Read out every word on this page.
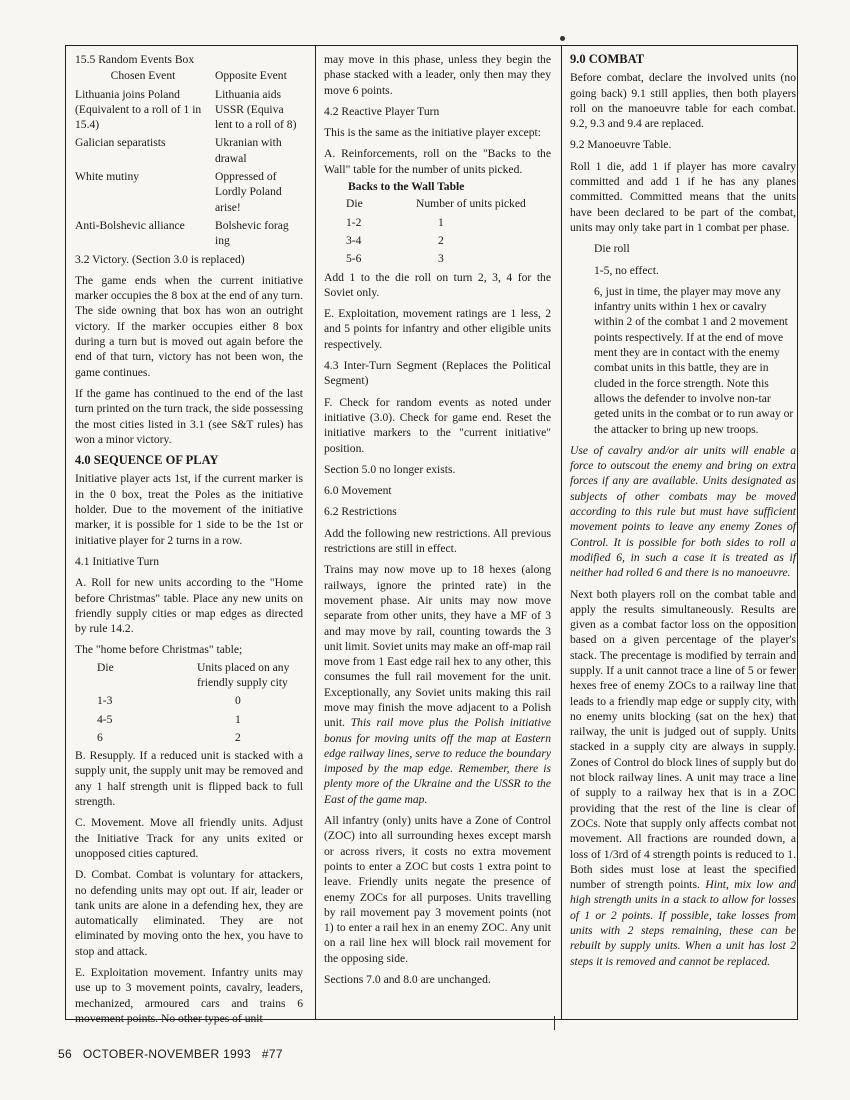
15.5 Random Events Box

Chosen Event	Opposite Event
Lithuania joins Poland (Equivalent to a roll of 1 in 15.4)	Lithuania aids USSR (Equiva lent to a roll of 8)
Galician separatists	Ukranian with drawal
White mutiny	Oppressed of Lordly Poland arise!
Anti-Bolshevic alliance	Bolshevic forag ing

3.2 Victory. (Section 3.0 is replaced)

The game ends when the current initiative marker occupies the 8 box at the end of any turn. The side owning that box has won an outright victory. If the marker occupies either 8 box during a turn but is moved out again before the end of that turn, victory has not been won, the game continues.

If the game has continued to the end of the last turn printed on the turn track, the side possessing the most cities listed in 3.1 (see S&T rules) has won a minor victory.

4.0 SEQUENCE OF PLAY

Initiative player acts 1st, if the current marker is in the 0 box, treat the Poles as the initiative holder. Due to the movement of the initiative marker, it is possible for 1 side to be the 1st or initiative player for 2 turns in a row.

4.1 Initiative Turn

A. Roll for new units according to the "Home before Christmas" table. Place any new units on friendly supply cities or map edges as directed by rule 14.2.

The "home before Christmas" table;

Die	Units placed on any friendly supply city
1-3	0
4-5	1
6	2

B. Resupply. If a reduced unit is stacked with a supply unit, the supply unit may be removed and any 1 half strength unit is flipped back to full strength.

C. Movement. Move all friendly units. Adjust the Initiative Track for any units exited or unopposed cities captured.

D. Combat. Combat is voluntary for attackers, no defending units may opt out. If air, leader or tank units are alone in a defending hex, they are automatically eliminated. They are not eliminated by moving onto the hex, you have to stop and attack.

E. Exploitation movement. Infantry units may use up to 3 movement points, cavalry, leaders, mechanized, armoured cars and trains 6 movement points. No other types of unit

may move in this phase, unless they begin the phase stacked with a leader, only then may they move 6 points.

4.2 Reactive Player Turn

This is the same as the initiative player except:

A. Reinforcements, roll on the "Backs to the Wall" table for the number of units picked.

Backs to the Wall Table

Die	Number of units picked
1-2	1
3-4	2
5-6	3

Add 1 to the die roll on turn 2, 3, 4 for the Soviet only.

E. Exploitation, movement ratings are 1 less, 2 and 5 points for infantry and other eligible units respectively.

4.3 Inter-Turn Segment (Replaces the Political Segment)

F. Check for random events as noted under initiative (3.0). Check for game end. Reset the initiative markers to the "current initiative" position.

Section 5.0 no longer exists.

6.0 Movement

6.2 Restrictions

Add the following new restrictions. All previous restrictions are still in effect.

Trains may now move up to 18 hexes (along railways, ignore the printed rate) in the movement phase. Air units may now move separate from other units, they have a MF of 3 and may move by rail, counting towards the 3 unit limit. Soviet units may make an off-map rail move from 1 East edge rail hex to any other, this consumes the full rail movement for the unit. Exceptionally, any Soviet units making this rail move may finish the move adjacent to a Polish unit. This rail move plus the Polish initiative bonus for moving units off the map at Eastern edge railway lines, serve to reduce the boundary imposed by the map edge. Remember, there is plenty more of the Ukraine and the USSR to the East of the game map.

All infantry (only) units have a Zone of Control (ZOC) into all surrounding hexes except marsh or across rivers, it costs no extra movement points to enter a ZOC but costs 1 extra point to leave. Friendly units negate the presence of enemy ZOCs for all purposes. Units travelling by rail movement pay 3 movement points (not 1) to enter a rail hex in an enemy ZOC. Any unit on a rail line hex will block rail movement for the opposing side.

Sections 7.0 and 8.0 are unchanged.

9.0 COMBAT

Before combat, declare the involved units (no going back) 9.1 still applies, then both players roll on the manoeuvre table for each combat. 9.2, 9.3 and 9.4 are replaced.

9.2 Manoeuvre Table.

Roll 1 die, add 1 if player has more cavalry committed and add 1 if he has any planes committed. Committed means that the units have been declared to be part of the combat, units may only take part in 1 combat per phase.

Die roll

1-5, no effect.

6, just in time, the player may move any infantry units within 1 hex or cavalry within 2 of the combat 1 and 2 movement points respectively. If at the end of move ment they are in contact with the enemy combat units in this battle, they are in cluded in the force strength. Note this allows the defender to involve non-tar geted units in the combat or to run away or the attacker to bring up new troops.

Use of cavalry and/or air units will enable a force to outscout the enemy and bring on extra forces if any are available. Units designated as subjects of other combats may be moved according to this rule but must have sufficient movement points to leave any enemy Zones of Control. It is possible for both sides to roll a modified 6, in such a case it is treated as if neither had rolled 6 and there is no manoeuvre.

Next both players roll on the combat table and apply the results simultaneously. Results are given as a combat factor loss on the opposition based on a given percentage of the player's stack. The precentage is modified by terrain and supply. If a unit cannot trace a line of 5 or fewer hexes free of enemy ZOCs to a railway line that leads to a friendly map edge or supply city, with no enemy units blocking (sat on the hex) that railway, the unit is judged out of supply. Units stacked in a supply city are always in supply. Zones of Control do block lines of supply but do not block railway lines. A unit may trace a line of supply to a railway hex that is in a ZOC providing that the rest of the line is clear of ZOCs. Note that supply only affects combat not movement. All fractions are rounded down, a loss of 1/3rd of 4 strength points is reduced to 1. Both sides must lose at least the specified number of strength points. Hint, mix low and high strength units in a stack to allow for losses of 1 or 2 points. If possible, take losses from units with 2 steps remaining, these can be rebuilt by supply units. When a unit has lost 2 steps it is removed and cannot be replaced.

56   OCTOBER-NOVEMBER 1993   #77
